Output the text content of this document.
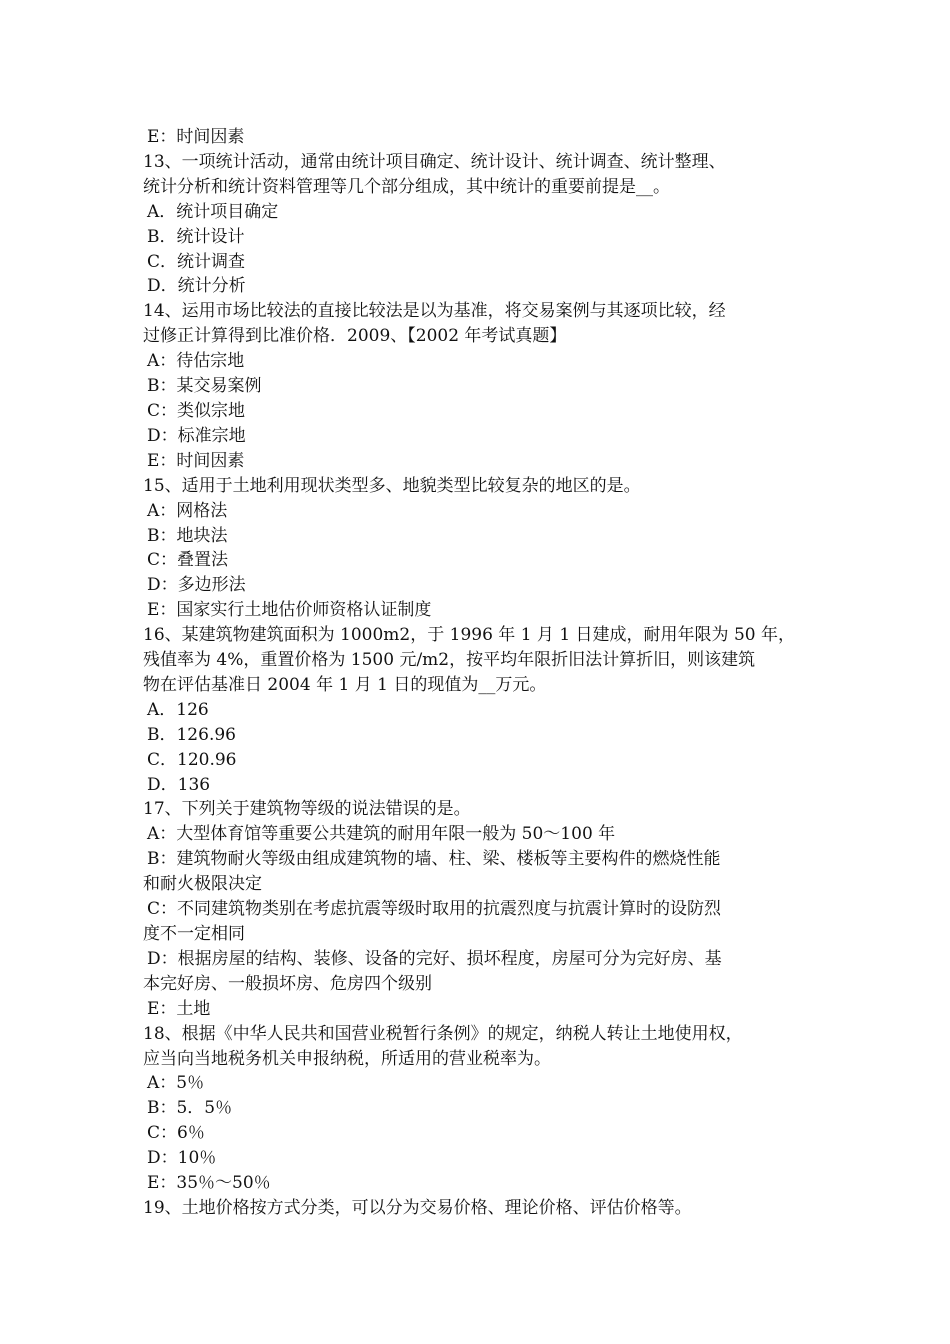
E：时间因素

13、一项统计活动，通常由统计项目确定、统计设计、统计调查、统计整理、

统计分析和统计资料管理等几个部分组成，其中统计的重要前提是__。

A．统计项目确定

B．统计设计

C．统计调查

D．统计分析

14、运用市场比较法的直接比较法是以为基准，将交易案例与其逐项比较，经

过修正计算得到比准价格．2009、【2002 年考试真题】

A：待估宗地

B：某交易案例

C：类似宗地

D：标准宗地

E：时间因素

15、适用于土地利用现状类型多、地貌类型比较复杂的地区的是。

A：网格法

B：地块法

C：叠置法

D：多边形法

E：国家实行土地估价师资格认证制度

16、某建筑物建筑面积为 1000m2，于 1996 年 1 月 1 日建成，耐用年限为 50 年，

残值率为 4%，重置价格为 1500 元/m2，按平均年限折旧法计算折旧，则该建筑

物在评估基准日 2004 年 1 月 1 日的现值为__万元。

A．126

B．126.96

C．120.96

D．136

17、下列关于建筑物等级的说法错误的是。

A：大型体育馆等重要公共建筑的耐用年限一般为 50～100 年

B：建筑物耐火等级由组成建筑物的墙、柱、梁、楼板等主要构件的燃烧性能

和耐火极限决定

C：不同建筑物类别在考虑抗震等级时取用的抗震烈度与抗震计算时的设防烈

度不一定相同

D：根据房屋的结构、装修、设备的完好、损坏程度，房屋可分为完好房、基

本完好房、一般损坏房、危房四个级别

E：土地

18、根据《中华人民共和国营业税暂行条例》的规定，纳税人转让土地使用权，

应当向当地税务机关申报纳税，所适用的营业税率为。

A：5％

B：5．5％

C：6％

D：10％

E：35％～50％

19、土地价格按方式分类，可以分为交易价格、理论价格、评估价格等。
